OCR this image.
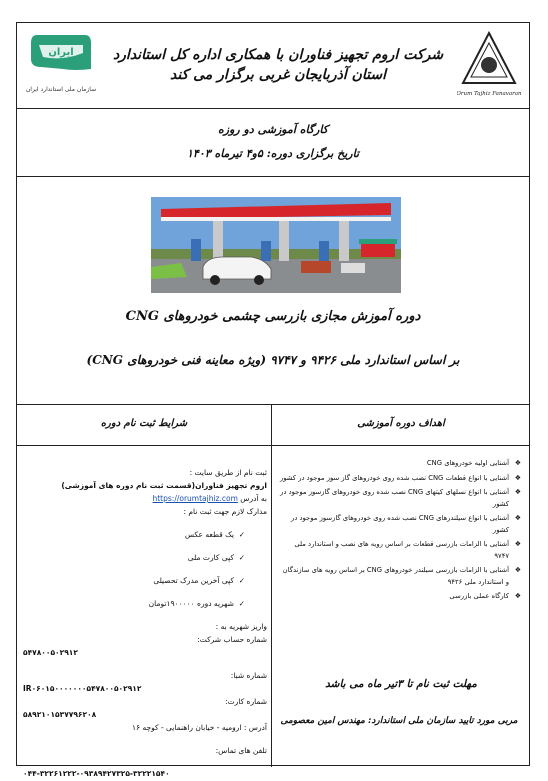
ایران
سازمان ملی استاندارد ایران
شرکت اروم تجهیز فناوران با همکاری اداره کل استاندارد استان آذربایجان غربی برگزار می کند
Orum Tajhiz Fanavaran
کارگاه آموزشی دو روزه
تاریخ برگزاری دوره: ۵و۴ تیرماه ۱۴۰۳
دوره آموزش مجازی بازرسی چشمی خودروهای CNG
بر اساس استاندارد ملی ۹۴۲۶ و ۹۷۴۷ (ویژه معاینه فنی خودروهای CNG)
شرایط ثبت نام دوره	اهداف دوره آموزشی
ثبت نام از طریق سایت :
اروم تجهیز فناوران(قسمت ثبت نام دوره های آموزشی)
به آدرس https://orumtajhiz.com
مدارک لازم جهت ثبت نام :
✓  یک قطعه عکس
✓  کپی کارت ملی
✓  کپی آخرین مدرک تحصیلی
✓  شهریه دوره ۱۹۰۰۰۰۰تومان
واریز شهریه به :
شماره حساب شرکت:
۵۴۷۸۰۰۵۰۲۹۱۲
شماره شبا:
IR۰۶۰۱۵۰۰۰۰۰۰۰۵۴۷۸۰۰۵۰۲۹۱۲
شماره کارت:
۵۸۹۲۱۰۱۵۳۷۷۹۶۲۰۸
آدرس : ارومیه - خیابان راهنمایی - کوچه ۱۶
تلفن های تماس:
۰۴۴-۳۲۲۶۱۲۲۲-۰۹۳۸۹۴۲۷۳۲۵-۳۲۲۲۱۵۴۰
❖ آشنایی اولیه خودروهای CNG
❖ آشنایی با انواع قطعات CNG نصب شده روی خودروهای گاز سوز موجود در کشور
❖ آشنایی با انواع نسلهای کیتهای CNG نصب شده روی خودروهای گازسوز موجود در کشور
❖ آشنایی با انواع سیلندرهای CNG نصب شده روی خودروهای گازسوز موجود در کشور
❖ آشنایی با الزامات بازرسی قطعات بر اساس رویه های نصب و استاندارد ملی ۹۷۴۷
❖ آشنایی با الزامات بازرسی سیلندر خودروهای CNG بر اساس رویه های سازندگان و استاندارد ملی ۹۴۲۶
❖ کارگاه عملی بازرسی
مهلت ثبت نام تا ۳تیر ماه می باشد
مربی مورد تایید سازمان ملی استاندارد: مهندس امین معصومی
